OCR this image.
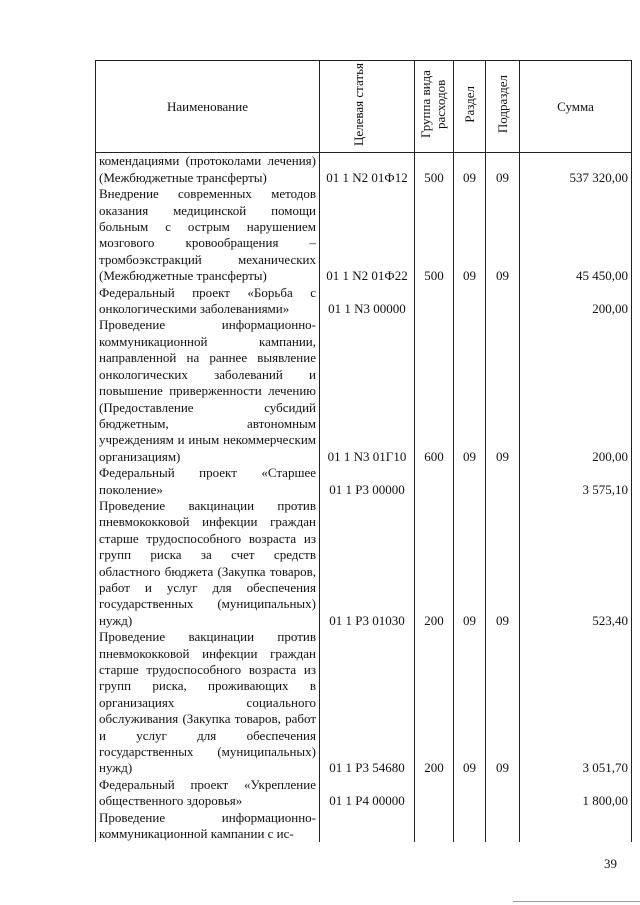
Наименование	Целевая статья	Группа вида расходов	Раздел	Подраздел	Сумма
комендациями (протоколами лечения) (Межбюджетные трансферты)	01 1 N2 01Ф12	500	09	09	537 320,00
Внедрение современных методов оказания медицинской помощи больным с острым нарушением мозгового кровообращения – тромбоэкстракций механических (Межбюджетные трансферты)	01 1 N2 01Ф22	500	09	09	45 450,00
Федеральный проект «Борьба с онкологическими заболеваниями»	01 1 N3 00000				200,00
Проведение информационно-коммуникационной кампании, направленной на раннее выявление онкологических заболеваний и повышение приверженности лечению (Предоставление субсидий бюджетным, автономным учреждениям и иным некоммерческим организациям)	01 1 N3 01Г10	600	09	09	200,00
Федеральный проект «Старшее поколение»	01 1 P3 00000				3 575,10
Проведение вакцинации против пневмококковой инфекции граждан старше трудоспособного возраста из групп риска за счет средств областного бюджета (Закупка товаров, работ и услуг для обеспечения государственных (муниципальных) нужд)	01 1 P3 01030	200	09	09	523,40
Проведение вакцинации против пневмококковой инфекции граждан старше трудоспособного возраста из групп риска, проживающих в организациях социального обслуживания (Закупка товаров, работ и услуг для обеспечения государственных (муниципальных) нужд)	01 1 P3 54680	200	09	09	3 051,70
Федеральный проект «Укрепление общественного здоровья»	01 1 P4 00000				1 800,00
Проведение информационно-коммуникационной кампании с ис-					
39
